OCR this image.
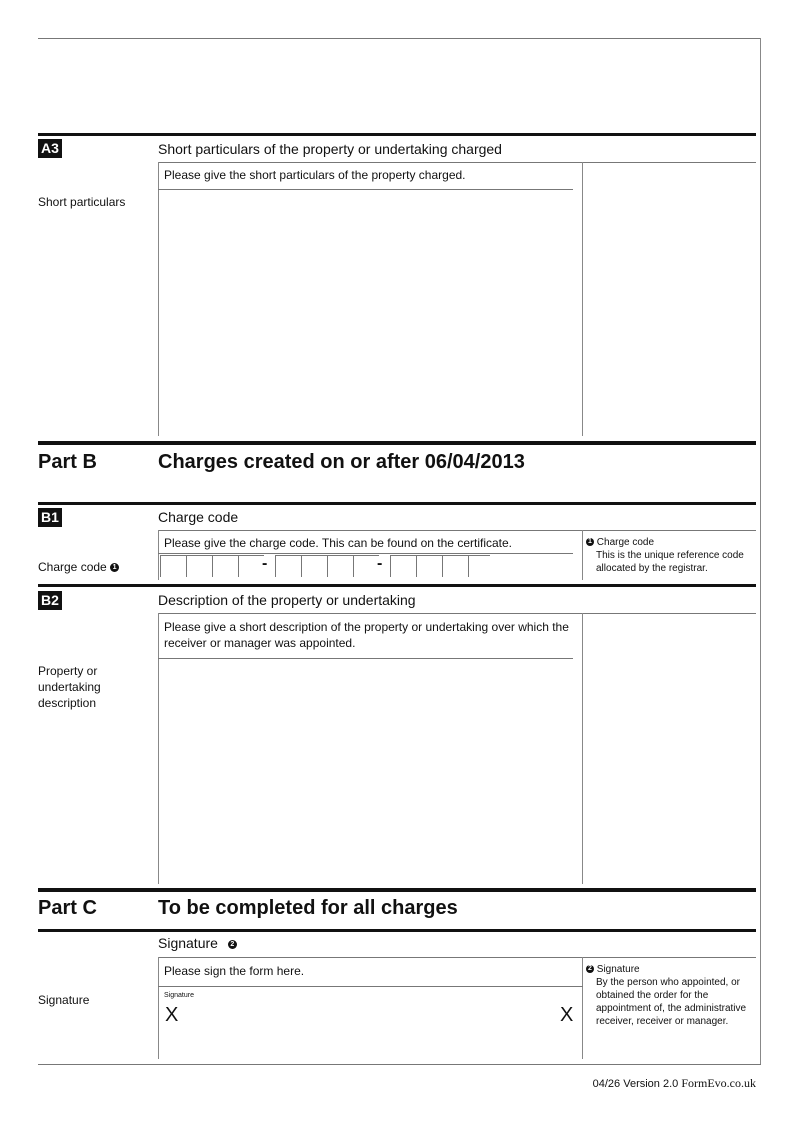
A3	Short particulars of the property or undertaking charged
Please give the short particulars of the property charged.
Short particulars
Part B	Charges created on or after 06/04/2013
B1	Charge code
Please give the charge code. This can be found on the certificate.
Charge code 1	-	-
1 Charge code
This is the unique reference code allocated by the registrar.
B2	Description of the property or undertaking
Please give a short description of the property or undertaking over which the receiver or manager was appointed.
Property or undertaking description
Part C	To be completed for all charges
Signature 2
Please sign the form here.
Signature	Signature
X	X
2 Signature
By the person who appointed, or obtained the order for the appointment of, the administrative receiver, receiver or manager.
04/26 Version 2.0 FormEvo.co.uk
